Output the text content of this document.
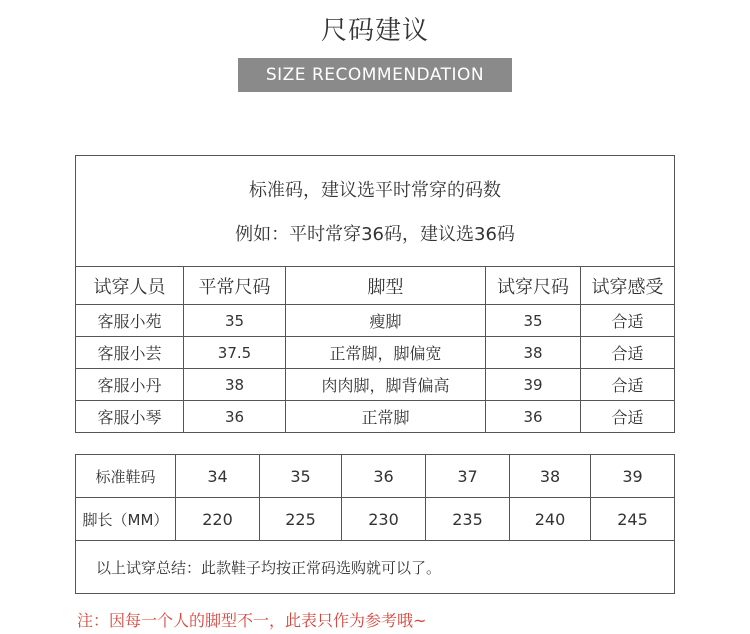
尺码建议
SIZE RECOMMENDATION
标准码，建议选平时常穿的码数
例如：平时常穿36码，建议选36码				

试穿人员	平常尺码	脚型	试穿尺码	试穿感受
客服小苑	35	瘦脚	35	合适
客服小芸	37.5	正常脚，脚偏宽	38	合适
客服小丹	38	肉肉脚，脚背偏高	39	合适
客服小琴	36	正常脚	36	合适
标准鞋码	34	35	36	37	38	39
脚长（MM）	220	225	230	235	240	245
以上试穿总结：此款鞋子均按正常码选购就可以了。						
注：因每一个人的脚型不一，此表只作为参考哦~
